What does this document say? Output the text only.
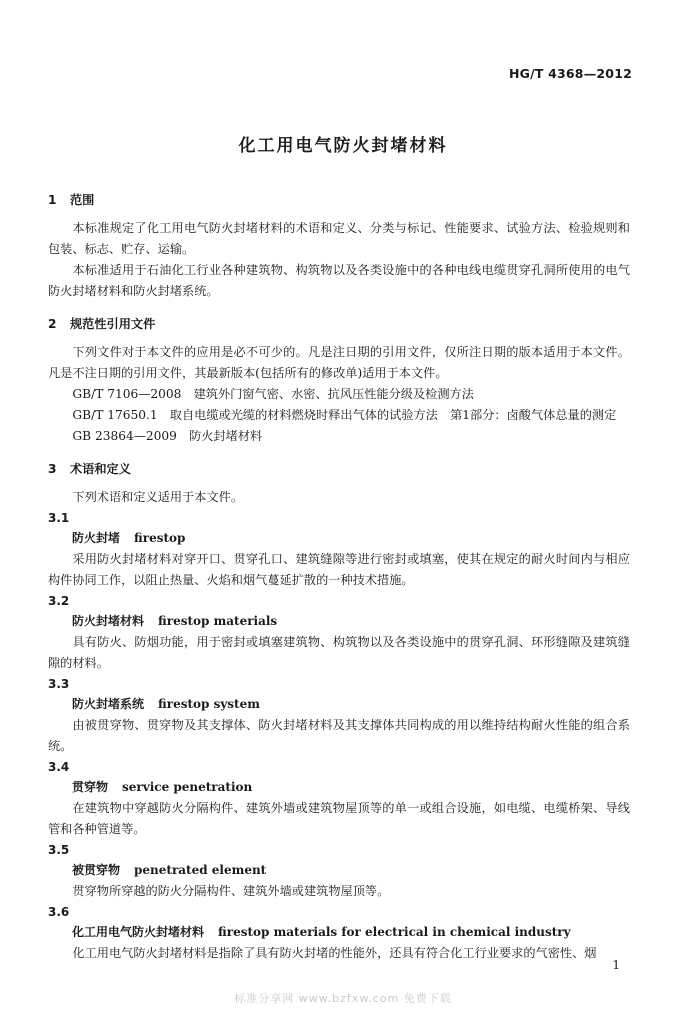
HG/T 4368—2012
化工用电气防火封堵材料
1 范围

本标准规定了化工用电气防火封堵材料的术语和定义、分类与标记、性能要求、试验方法、检验规则和包装、标志、贮存、运输。

本标准适用于石油化工行业各种建筑物、构筑物以及各类设施中的各种电线电缆贯穿孔洞所使用的电气防火封堵材料和防火封堵系统。

2 规范性引用文件

下列文件对于本文件的应用是必不可少的。凡是注日期的引用文件，仅所注日期的版本适用于本文件。凡是不注日期的引用文件，其最新版本(包括所有的修改单)适用于本文件。

GB/T 7106—2008　建筑外门窗气密、水密、抗风压性能分级及检测方法

GB/T 17650.1　取自电缆或光缆的材料燃烧时释出气体的试验方法　第1部分：卤酸气体总量的测定

GB 23864—2009　防火封堵材料

3 术语和定义

下列术语和定义适用于本文件。

3.1
防火封堵 firestop

采用防火封堵材料对穿开口、贯穿孔口、建筑缝隙等进行密封或填塞，使其在规定的耐火时间内与相应构件协同工作，以阻止热量、火焰和烟气蔓延扩散的一种技术措施。

3.2
防火封堵材料 firestop materials

具有防火、防烟功能，用于密封或填塞建筑物、构筑物以及各类设施中的贯穿孔洞、环形缝隙及建筑缝隙的材料。

3.3
防火封堵系统 firestop system

由被贯穿物、贯穿物及其支撑体、防火封堵材料及其支撑体共同构成的用以维持结构耐火性能的组合系统。

3.4
贯穿物 service penetration

在建筑物中穿越防火分隔构件、建筑外墙或建筑物屋顶等的单一或组合设施，如电缆、电缆桥架、导线管和各种管道等。

3.5
被贯穿物 penetrated element

贯穿物所穿越的防火分隔构件、建筑外墙或建筑物屋顶等。

3.6
化工用电气防火封堵材料 firestop materials for electrical in chemical industry

化工用电气防火封堵材料是指除了具有防火封堵的性能外，还具有符合化工行业要求的气密性、烟

1
标准分享网 www.bzfxw.com 免费下载
